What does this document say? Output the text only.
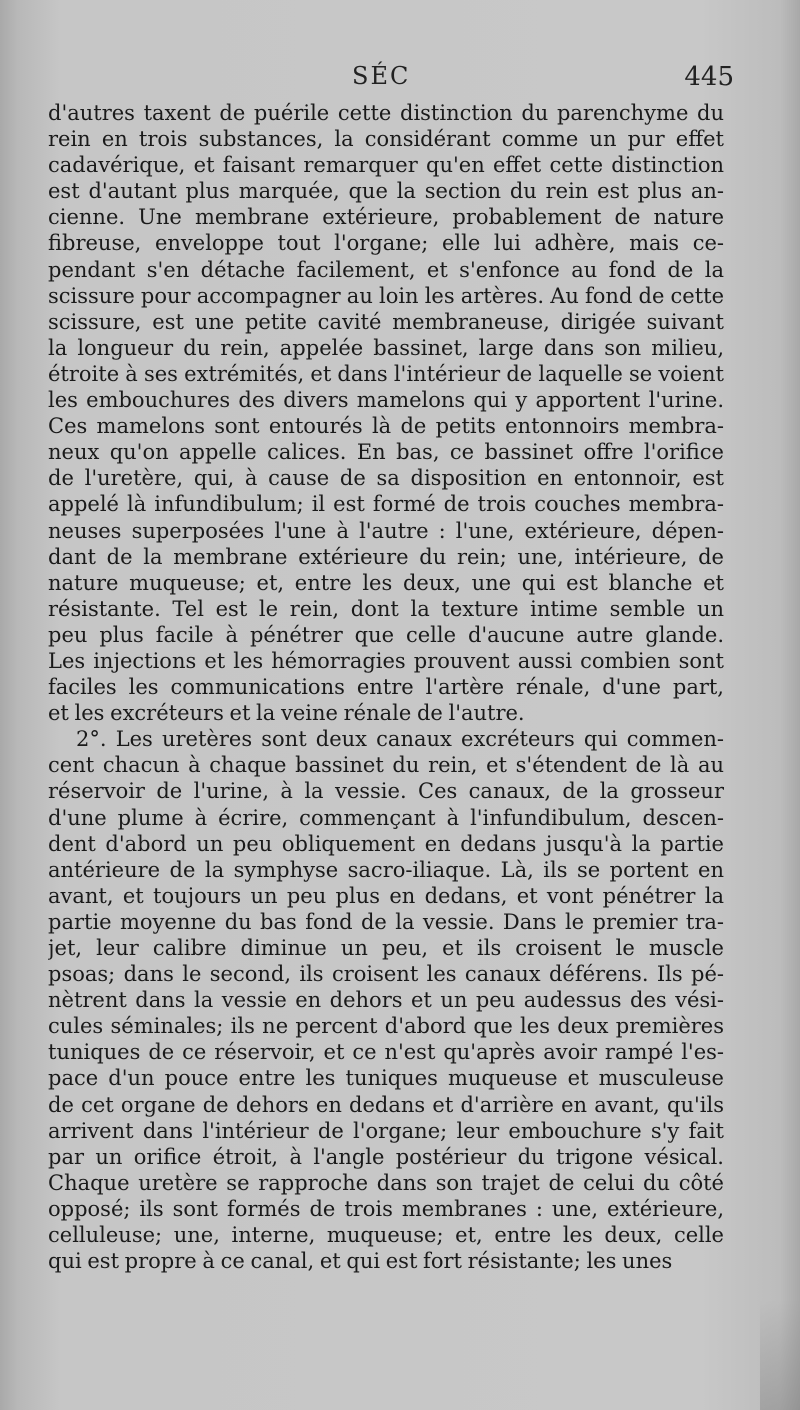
SÉC	445
d'autres taxent de puérile cette distinction du parenchyme du
rein en trois substances, la considérant comme un pur effet
cadavérique, et faisant remarquer qu'en effet cette distinction
est d'autant plus marquée, que la section du rein est plus an-
cienne. Une membrane extérieure, probablement de nature
fibreuse, enveloppe tout l'organe; elle lui adhère, mais ce-
pendant s'en détache facilement, et s'enfonce au fond de la
scissure pour accompagner au loin les artères. Au fond de cette
scissure, est une petite cavité membraneuse, dirigée suivant
la longueur du rein, appelée bassinet, large dans son milieu,
étroite à ses extrémités, et dans l'intérieur de laquelle se voient
les embouchures des divers mamelons qui y apportent l'urine.
Ces mamelons sont entourés là de petits entonnoirs membra-
neux qu'on appelle calices. En bas, ce bassinet offre l'orifice
de l'uretère, qui, à cause de sa disposition en entonnoir, est
appelé là infundibulum; il est formé de trois couches membra-
neuses superposées l'une à l'autre : l'une, extérieure, dépen-
dant de la membrane extérieure du rein; une, intérieure, de
nature muqueuse; et, entre les deux, une qui est blanche et
résistante. Tel est le rein, dont la texture intime semble un
peu plus facile à pénétrer que celle d'aucune autre glande.
Les injections et les hémorragies prouvent aussi combien sont
faciles les communications entre l'artère rénale, d'une part,
et les excréteurs et la veine rénale de l'autre.
2°. Les uretères sont deux canaux excréteurs qui commen-
cent chacun à chaque bassinet du rein, et s'étendent de là au
réservoir de l'urine, à la vessie. Ces canaux, de la grosseur
d'une plume à écrire, commençant à l'infundibulum, descen-
dent d'abord un peu obliquement en dedans jusqu'à la partie
antérieure de la symphyse sacro-iliaque. Là, ils se portent en
avant, et toujours un peu plus en dedans, et vont pénétrer la
partie moyenne du bas fond de la vessie. Dans le premier tra-
jet, leur calibre diminue un peu, et ils croisent le muscle
psoas; dans le second, ils croisent les canaux déférens. Ils pé-
nètrent dans la vessie en dehors et un peu audessus des vési-
cules séminales; ils ne percent d'abord que les deux premières
tuniques de ce réservoir, et ce n'est qu'après avoir rampé l'es-
pace d'un pouce entre les tuniques muqueuse et musculeuse
de cet organe de dehors en dedans et d'arrière en avant, qu'ils
arrivent dans l'intérieur de l'organe; leur embouchure s'y fait
par un orifice étroit, à l'angle postérieur du trigone vésical.
Chaque uretère se rapproche dans son trajet de celui du côté
opposé; ils sont formés de trois membranes : une, extérieure,
celluleuse; une, interne, muqueuse; et, entre les deux, celle
qui est propre à ce canal, et qui est fort résistante; les unes
